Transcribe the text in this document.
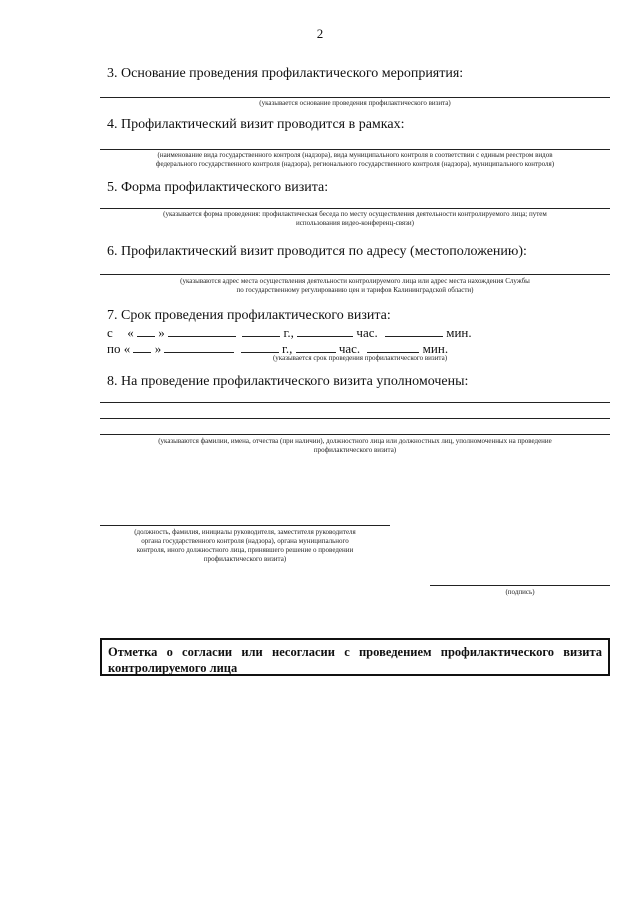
2
3. Основание проведения профилактического мероприятия:
(указывается основание проведения профилактического визита)
4. Профилактический визит проводится в рамках:
(наименование вида государственного контроля (надзора), вида муниципального контроля в соответствии с единым реестром видов
федерального государственного контроля (надзора), регионального государственного контроля (надзора), муниципального контроля)
5. Форма профилактического визита:
(указывается форма проведения: профилактическая беседа по месту осуществления деятельности контролируемого лица; путем
использования видео-конференц-связи)
6. Профилактический визит проводится по адресу (местоположению):
(указываются адрес места осуществления деятельности контролируемого лица или адрес места нахождения Службы
по государственному регулированию цен и тарифов Калининградской области)
7. Срок проведения профилактического визита:
с « »	г.,	час.	мин.
по « »	г.,	час.	мин.
(указывается срок проведения профилактического визита)
8. На проведение профилактического визита уполномочены:
(указываются фамилии, имена, отчества (при наличии), должностного лица или должностных лиц, уполномоченных на проведение
профилактического визита)
(должность, фамилия, инициалы руководителя, заместителя руководителя
органа государственного контроля (надзора), органа муниципального
контроля, иного должностного лица, принявшего решение о проведении
профилактического визита)
(подпись)
Отметка о согласии или несогласии с проведением профилактического визита контролируемого лица
